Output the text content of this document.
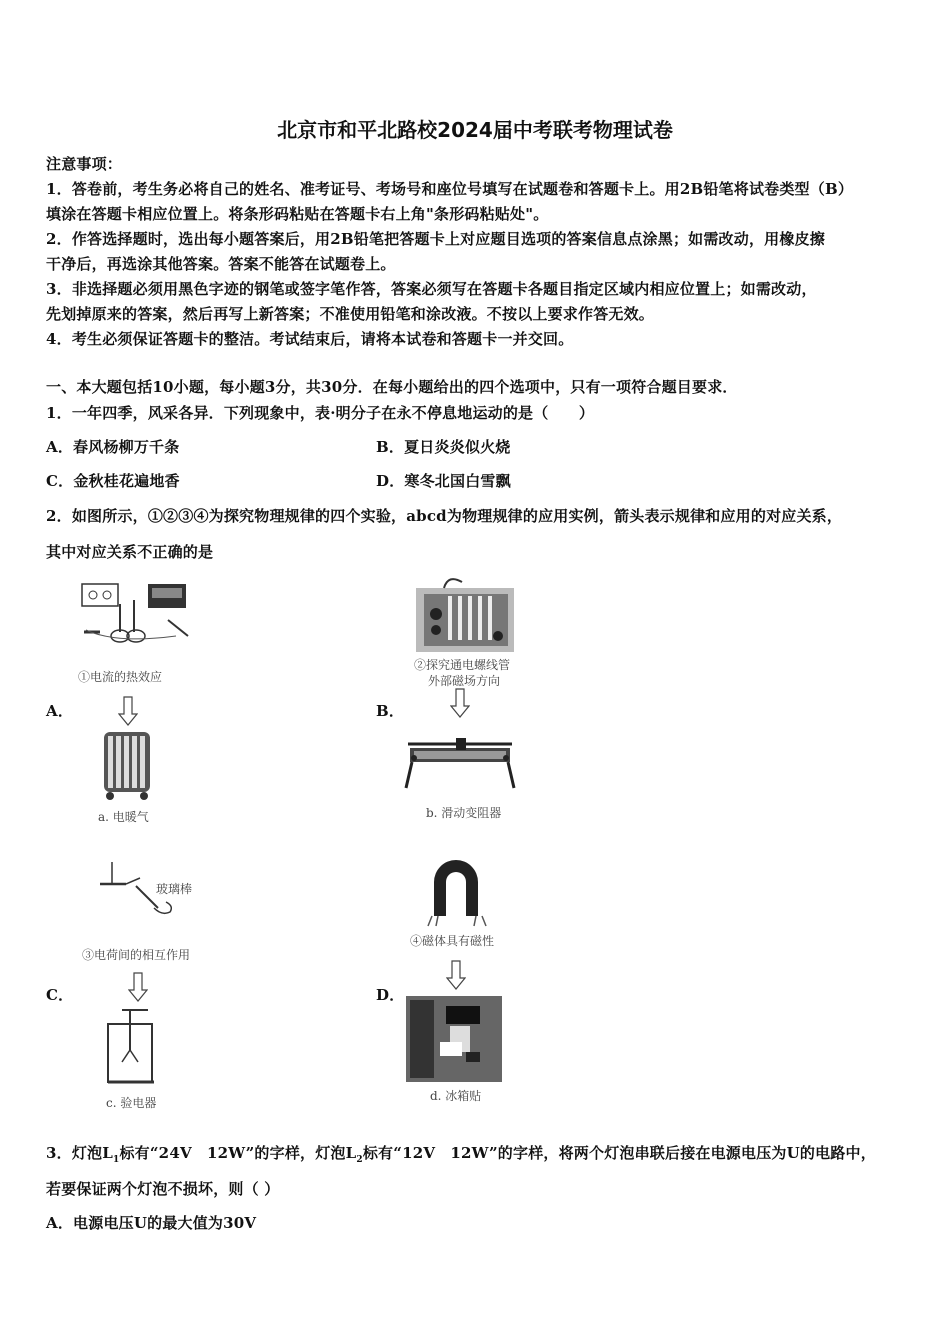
北京市和平北路校2024届中考联考物理试卷
注意事项：
1．答卷前，考生务必将自己的姓名、准考证号、考场号和座位号填写在试题卷和答题卡上。用2B铅笔将试卷类型（B）
填涂在答题卡相应位置上。将条形码粘贴在答题卡右上角"条形码粘贴处"。
2．作答选择题时，选出每小题答案后，用2B铅笔把答题卡上对应题目选项的答案信息点涂黑；如需改动，用橡皮擦
干净后，再选涂其他答案。答案不能答在试题卷上。
3．非选择题必须用黑色字迹的钢笔或签字笔作答，答案必须写在答题卡各题目指定区域内相应位置上；如需改动，
先划掉原来的答案，然后再写上新答案；不准使用铅笔和涂改液。不按以上要求作答无效。
4．考生必须保证答题卡的整洁。考试结束后，请将本试卷和答题卡一并交回。
一、本大题包括10小题，每小题3分，共30分．在每小题给出的四个选项中，只有一项符合题目要求．
1．一年四季，风采各异．下列现象中，表·明分子在永不停息地运动的是（　　）
A．春风杨柳万千条	B．夏日炎炎似火烧
C．金秋桂花遍地香	D．寒冬北国白雪飘
2．如图所示，①②③④为探究物理规律的四个实验，abcd为物理规律的应用实例，箭头表示规律和应用的对应关系，
其中对应关系不正确的是
A．
①电流的热效应
a. 电暖气
B．
②探究通电螺线管
外部磁场方向
b. 滑动变阻器
C．
玻璃棒
③电荷间的相互作用
c. 验电器
D．
④磁体具有磁性
d. 冰箱贴
3．灯泡$L_1$标有“24V　12W”的字样，灯泡$L_2$标有“12V　12W”的字样，将两个灯泡串联后接在电源电压为U的电路中，
若要保证两个灯泡不损坏，则（ ）
A．电源电压U的最大值为30V
